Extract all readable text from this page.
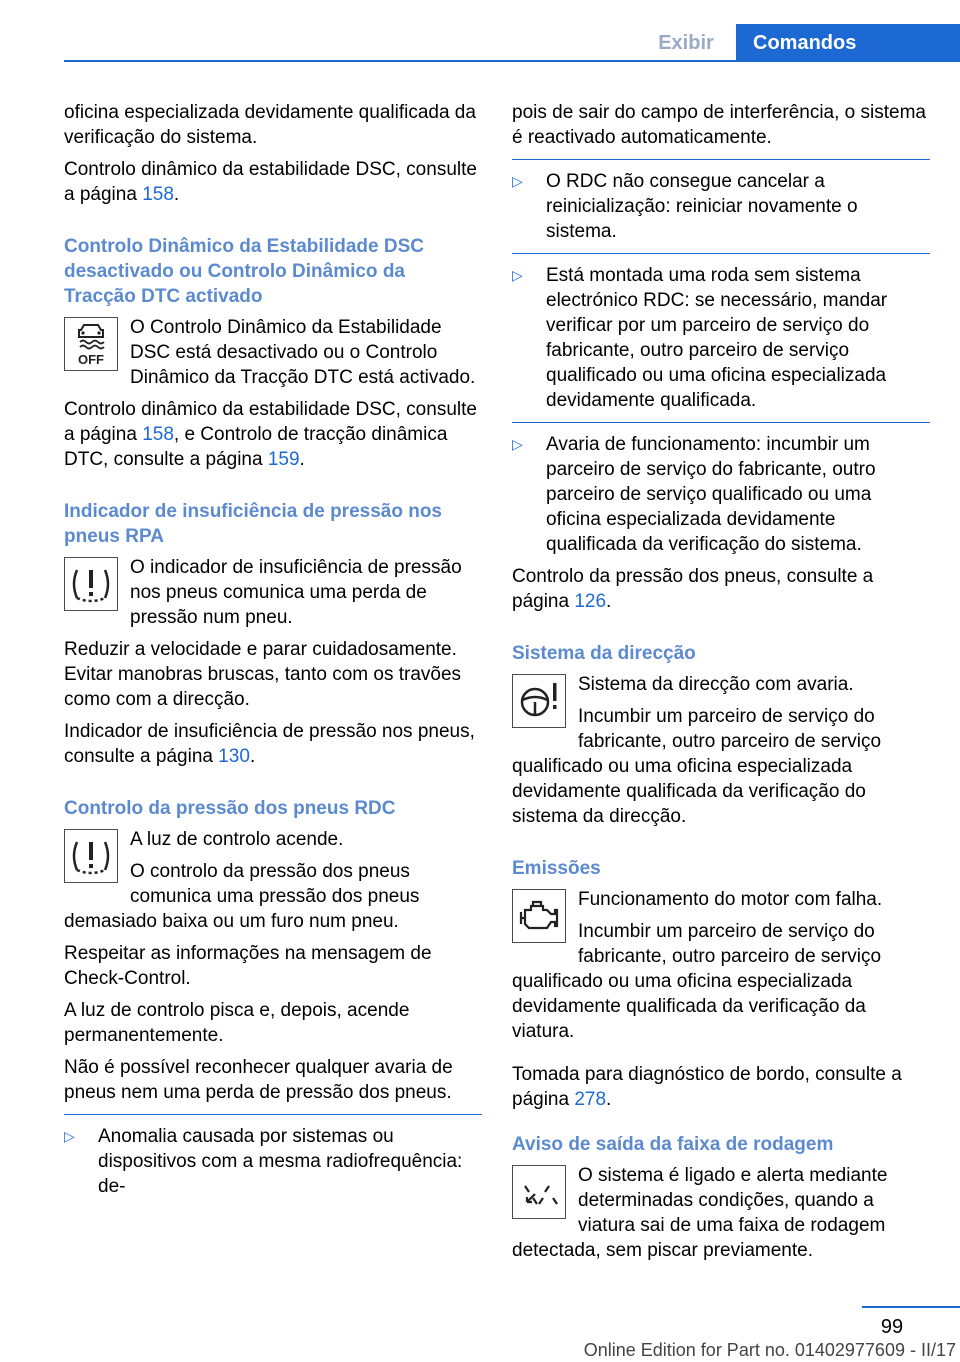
Exibir	Comandos

oficina especializada devidamente qualificada da verificação do sistema.

Controlo dinâmico da estabilidade DSC, consulte a página 158.

Controlo Dinâmico da Estabilidade DSC desactivado ou Controlo Dinâmico da Tracção DTC activado
OFF

O Controlo Dinâmico da Estabilidade DSC está desactivado ou o Controlo Dinâmico da Tracção DTC está activado.

Controlo dinâmico da estabilidade DSC, consulte a página 158, e Controlo de tracção dinâmica DTC, consulte a página 159.

Indicador de insuficiência de pressão nos pneus RPA

O indicador de insuficiência de pressão nos pneus comunica uma perda de pressão num pneu.

Reduzir a velocidade e parar cuidadosamente. Evitar manobras bruscas, tanto com os travões como com a direcção.

Indicador de insuficiência de pressão nos pneus, consulte a página 130.

Controlo da pressão dos pneus RDC

A luz de controlo acende.

O controlo da pressão dos pneus comunica uma pressão dos pneus demasiado baixa ou um furo num pneu.

Respeitar as informações na mensagem de Check-Control.

A luz de controlo pisca e, depois, acende permanentemente.

Não é possível reconhecer qualquer avaria de pneus nem uma perda de pressão dos pneus.

▷ Anomalia causada por sistemas ou dispositivos com a mesma radiofrequência: de-

pois de sair do campo de interferência, o sistema é reactivado automaticamente.

▷ O RDC não consegue cancelar a reinicialização: reiniciar novamente o sistema.
▷ Está montada uma roda sem sistema electrónico RDC: se necessário, mandar verificar por um parceiro de serviço do fabricante, outro parceiro de serviço qualificado ou uma oficina especializada devidamente qualificada.
▷ Avaria de funcionamento: incumbir um parceiro de serviço do fabricante, outro parceiro de serviço qualificado ou uma oficina especializada devidamente qualificada da verificação do sistema.

Controlo da pressão dos pneus, consulte a página 126.

Sistema da direcção

Sistema da direcção com avaria.

Incumbir um parceiro de serviço do fabricante, outro parceiro de serviço qualificado ou uma oficina especializada devidamente qualificada da verificação do sistema da direcção.

Emissões

Funcionamento do motor com falha.

Incumbir um parceiro de serviço do fabricante, outro parceiro de serviço qualificado ou uma oficina especializada devidamente qualificada da verificação da viatura.

Tomada para diagnóstico de bordo, consulte a página 278.

Aviso de saída da faixa de rodagem

O sistema é ligado e alerta mediante determinadas condições, quando a viatura sai de uma faixa de rodagem detectada, sem piscar previamente.

99
Online Edition for Part no. 01402977609 - II/17
